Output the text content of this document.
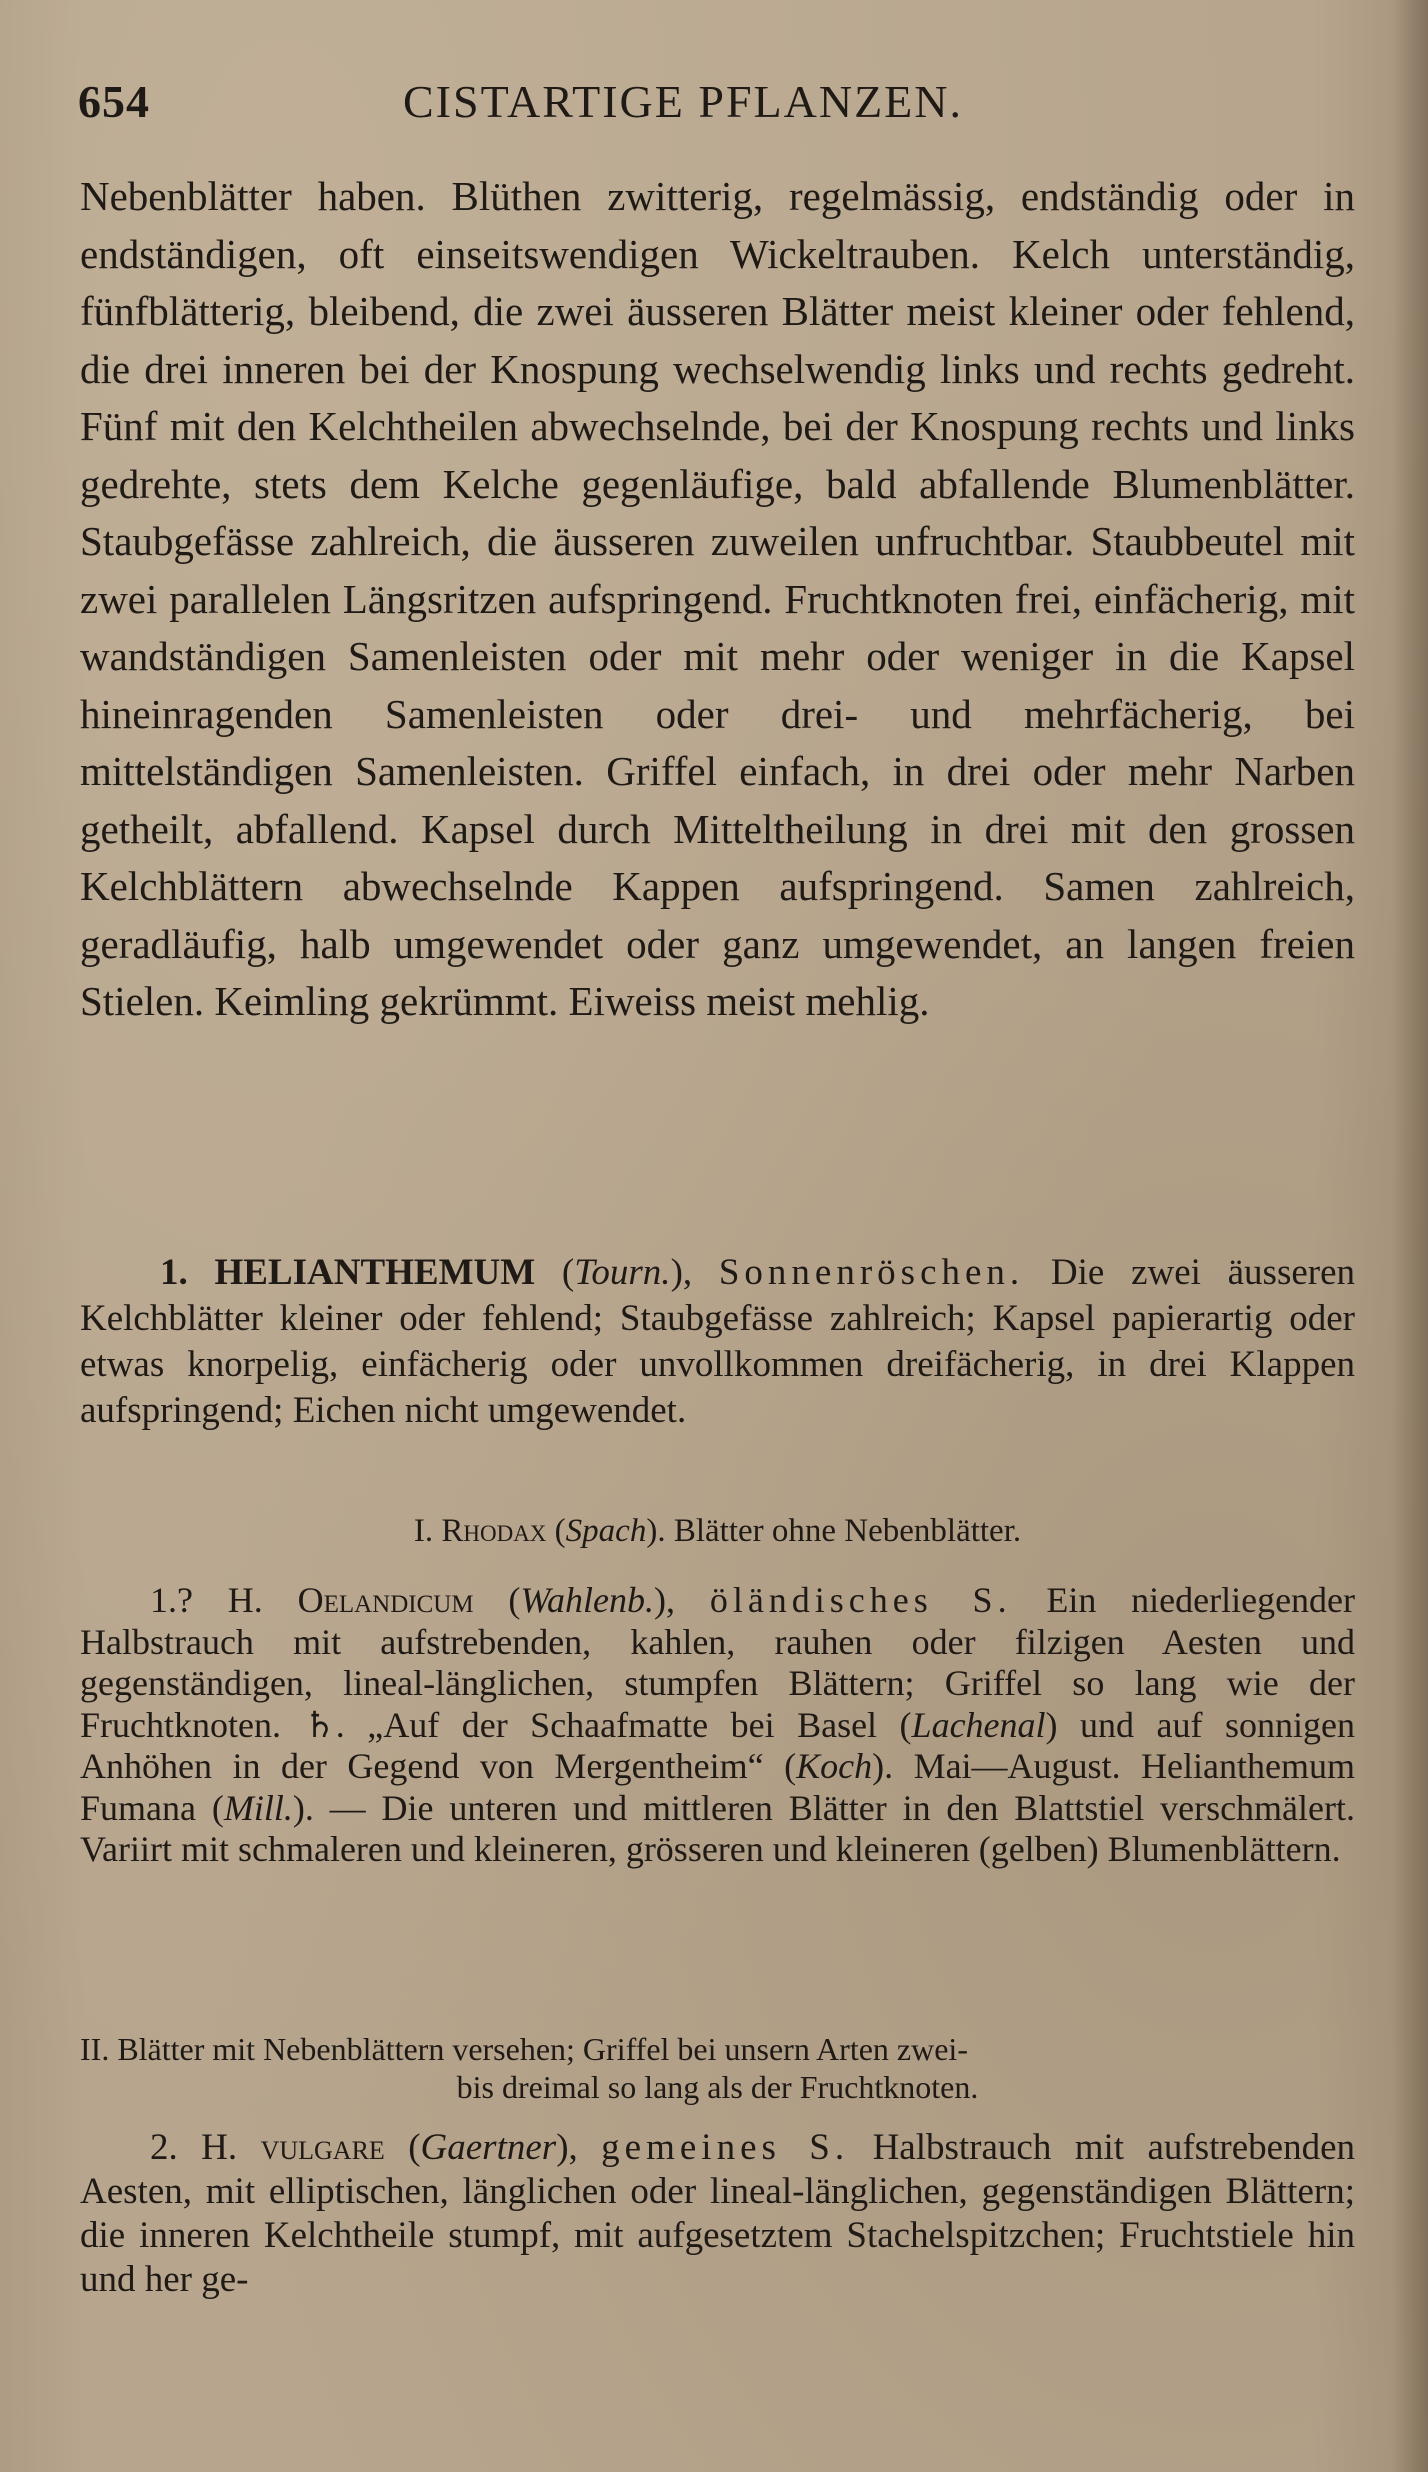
654	CISTARTIGE PFLANZEN.

Nebenblätter haben. Blüthen zwitterig, regelmässig, endständig oder in endständigen, oft einseitswendigen Wickeltrauben. Kelch unterständig, fünfblätterig, bleibend, die zwei äusseren Blätter meist kleiner oder fehlend, die drei inneren bei der Knospung wechselwendig links und rechts gedreht. Fünf mit den Kelchtheilen abwechselnde, bei der Knospung rechts und links gedrehte, stets dem Kelche gegenläufige, bald abfallende Blumenblätter. Staubgefässe zahlreich, die äusseren zuweilen unfruchtbar. Staubbeutel mit zwei parallelen Längsritzen aufspringend. Fruchtknoten frei, einfächerig, mit wandständigen Samenleisten oder mit mehr oder weniger in die Kapsel hineinragenden Samenleisten oder drei- und mehrfächerig, bei mittelständigen Samenleisten. Griffel einfach, in drei oder mehr Narben getheilt, abfallend. Kapsel durch Mitteltheilung in drei mit den grossen Kelchblättern abwechselnde Kappen aufspringend. Samen zahlreich, geradläufig, halb umgewendet oder ganz umgewendet, an langen freien Stielen. Keimling gekrümmt. Eiweiss meist mehlig.

1. HELIANTHEMUM (Tourn.), Sonnenröschen. Die zwei äusseren Kelchblätter kleiner oder fehlend; Staubgefässe zahlreich; Kapsel papierartig oder etwas knorpelig, einfächerig oder unvollkommen dreifächerig, in drei Klappen aufspringend; Eichen nicht umgewendet.

I. Rhodax (Spach). Blätter ohne Nebenblätter.

1.? H. Oelandicum (Wahlenb.), öländisches S. Ein niederliegender Halbstrauch mit aufstrebenden, kahlen, rauhen oder filzigen Aesten und gegenständigen, lineal-länglichen, stumpfen Blättern; Griffel so lang wie der Fruchtknoten. ♄. „Auf der Schaafmatte bei Basel (Lachenal) und auf sonnigen Anhöhen in der Gegend von Mergentheim“ (Koch). Mai—August. Helianthemum Fumana (Mill.). — Die unteren und mittleren Blätter in den Blattstiel verschmälert. Variirt mit schmaleren und kleineren, grösseren und kleineren (gelben) Blumenblättern.

II. Blätter mit Nebenblättern versehen; Griffel bei unsern Arten zwei-
bis dreimal so lang als der Fruchtknoten.

2. H. vulgare (Gaertner), gemeines S. Halbstrauch mit aufstrebenden Aesten, mit elliptischen, länglichen oder lineal-länglichen, gegenständigen Blättern; die inneren Kelchtheile stumpf, mit aufgesetztem Stachelspitzchen; Fruchtstiele hin und her ge-
